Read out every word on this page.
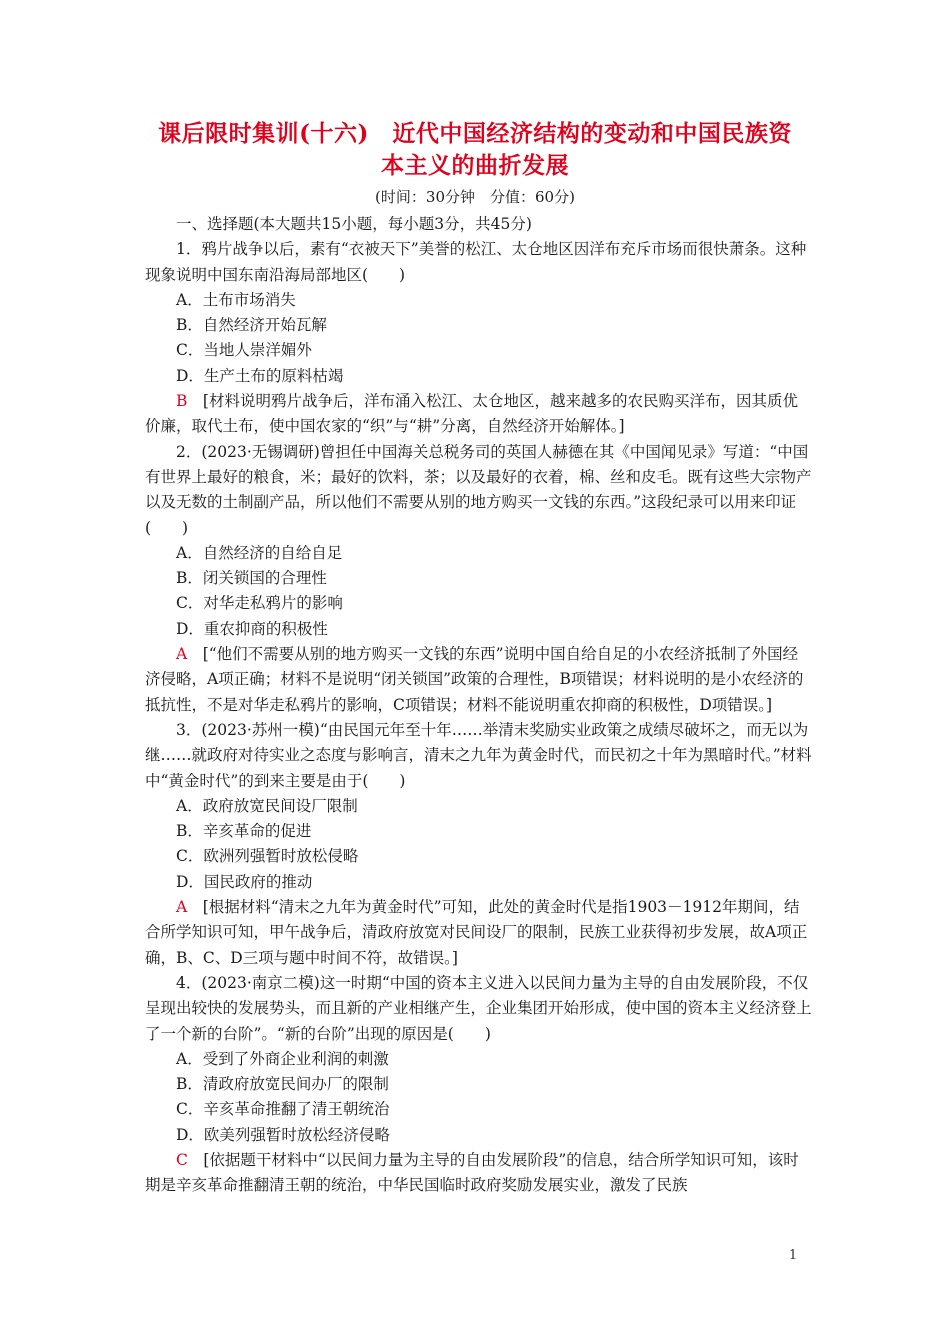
课后限时集训(十六)　近代中国经济结构的变动和中国民族资
本主义的曲折发展
(时间：30分钟　分值：60分)

一、选择题(本大题共15小题，每小题3分，共45分)

1．鸦片战争以后，素有“衣被天下”美誉的松江、太仓地区因洋布充斥市场而很快萧条。这种现象说明中国东南沿海局部地区(　　)

A．土布市场消失

B．自然经济开始瓦解

C．当地人崇洋媚外

D．生产土布的原料枯竭

B　[材料说明鸦片战争后，洋布涌入松江、太仓地区，越来越多的农民购买洋布，因其质优价廉，取代土布，使中国农家的“织”与“耕”分离，自然经济开始解体。]

2．(2023·无锡调研)曾担任中国海关总税务司的英国人赫德在其《中国闻见录》写道：“中国有世界上最好的粮食，米；最好的饮料，茶；以及最好的衣着，棉、丝和皮毛。既有这些大宗物产以及无数的土制副产品，所以他们不需要从别的地方购买一文钱的东西。”这段纪录可以用来印证(　　)

A．自然经济的自给自足

B．闭关锁国的合理性

C．对华走私鸦片的影响

D．重农抑商的积极性

A　[“他们不需要从别的地方购买一文钱的东西”说明中国自给自足的小农经济抵制了外国经济侵略，A项正确；材料不是说明“闭关锁国”政策的合理性，B项错误；材料说明的是小农经济的抵抗性，不是对华走私鸦片的影响，C项错误；材料不能说明重农抑商的积极性，D项错误。]

3．(2023·苏州一模)“由民国元年至十年……举清末奖励实业政策之成绩尽破坏之，而无以为继……就政府对待实业之态度与影响言，清末之九年为黄金时代，而民初之十年为黑暗时代。”材料中“黄金时代”的到来主要是由于(　　)

A．政府放宽民间设厂限制

B．辛亥革命的促进

C．欧洲列强暂时放松侵略

D．国民政府的推动

A　[根据材料“清末之九年为黄金时代”可知，此处的黄金时代是指1903－1912年期间，结合所学知识可知，甲午战争后，清政府放宽对民间设厂的限制，民族工业获得初步发展，故A项正确，B、C、D三项与题中时间不符，故错误。]

4．(2023·南京二模)这一时期“中国的资本主义进入以民间力量为主导的自由发展阶段，不仅呈现出较快的发展势头，而且新的产业相继产生，企业集团开始形成，使中国的资本主义经济登上了一个新的台阶”。“新的台阶”出现的原因是(　　)

A．受到了外商企业利润的刺激

B．清政府放宽民间办厂的限制

C．辛亥革命推翻了清王朝统治

D．欧美列强暂时放松经济侵略

C　[依据题干材料中“以民间力量为主导的自由发展阶段”的信息，结合所学知识可知，该时期是辛亥革命推翻清王朝的统治，中华民国临时政府奖励发展实业，激发了民族

1
